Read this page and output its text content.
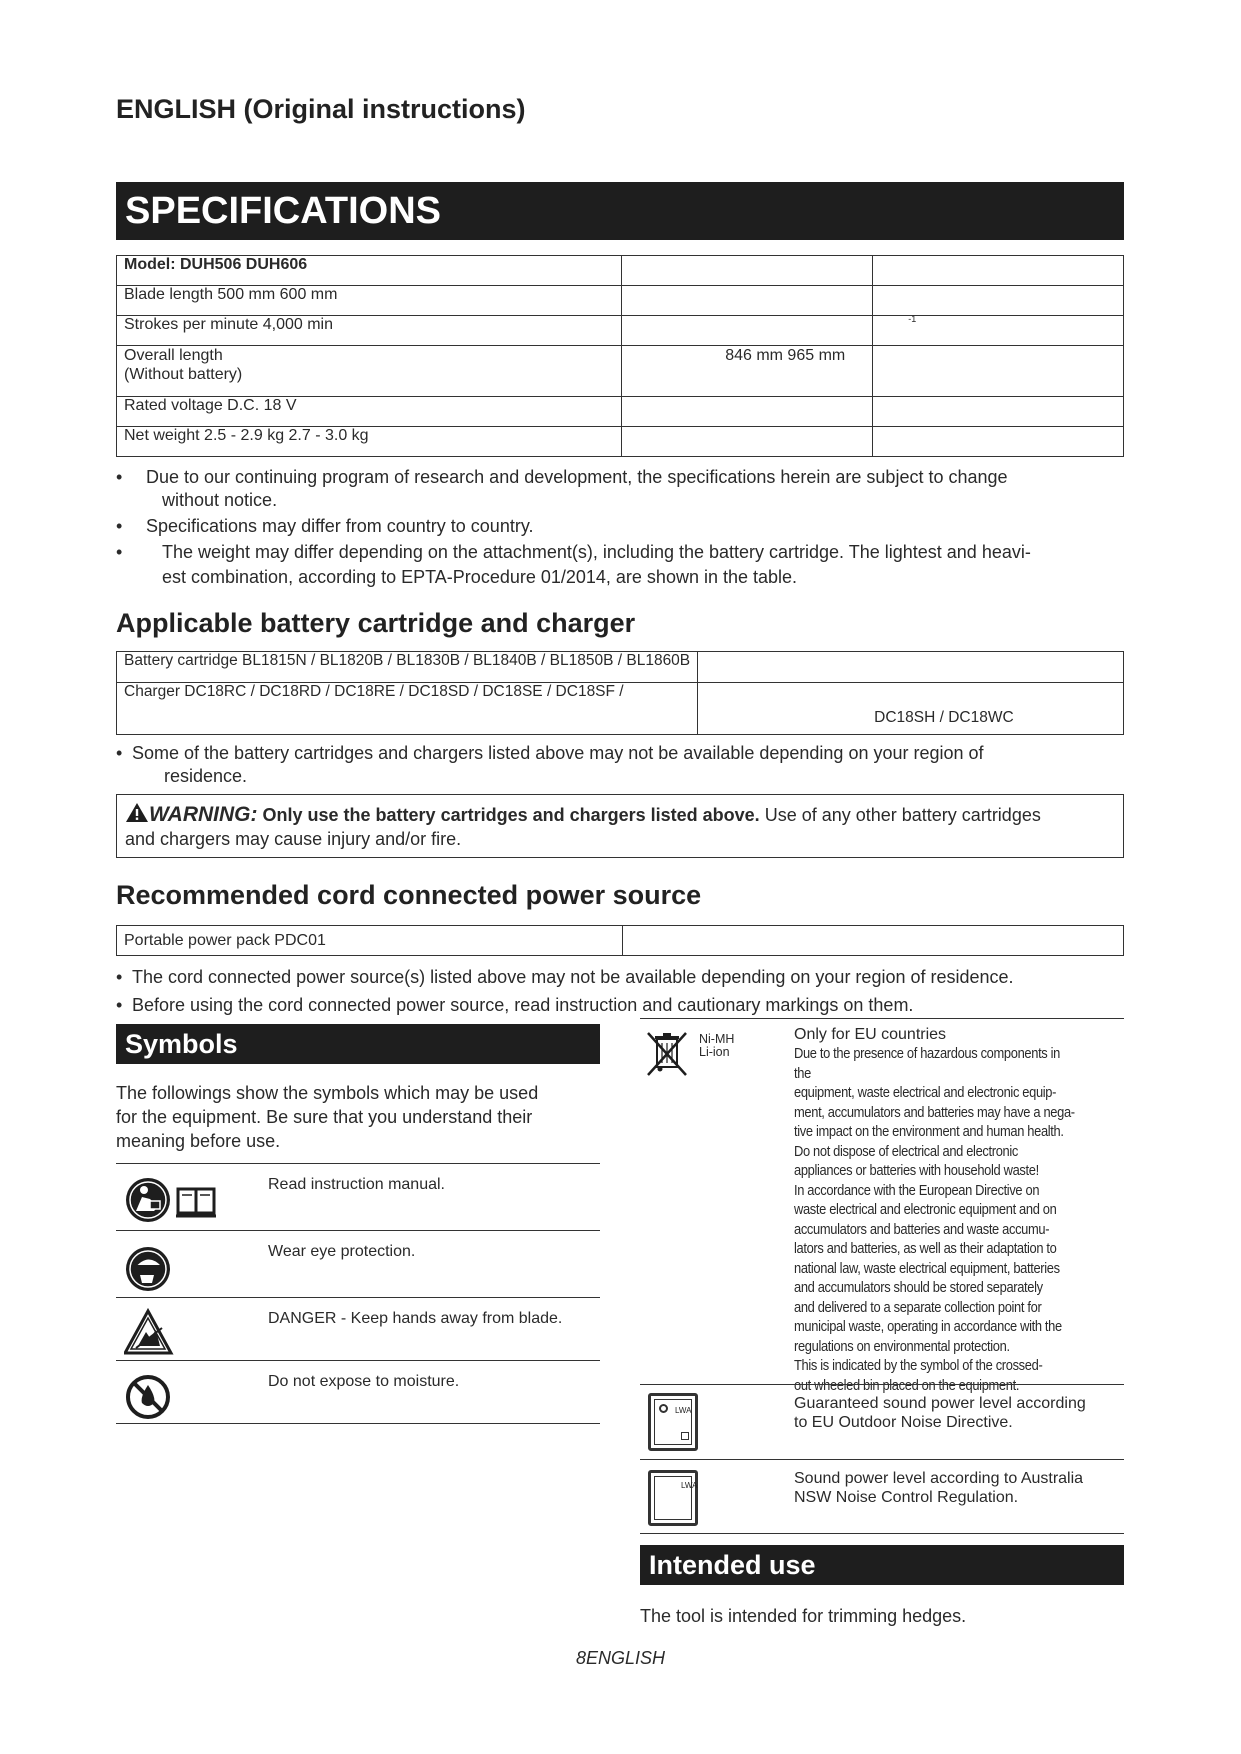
ENGLISH (Original instructions)
SPECIFICATIONS
Model: DUH506 DUH606		
Blade length 500 mm 600 mm		
Strokes per minute 4,000 min		-1

Overall length
(Without battery)	846 mm 965 mm	
Rated voltage D.C. 18 V		
Net weight 2.5 - 2.9 kg 2.7 - 3.0 kg		
• Due to our continuing program of research and development, the specifications herein are subject to change
without notice.
• Specifications may differ from country to country.
• The weight may differ depending on the attachment(s), including the battery cartridge. The lightest and heavi-
est combination, according to EPTA-Procedure 01/2014, are shown in the table.
Applicable battery cartridge and charger
Battery cartridge BL1815N / BL1820B / BL1830B / BL1840B / BL1850B / BL1860B	
Charger DC18RC / DC18RD / DC18RE / DC18SD / DC18SE / DC18SF /	DC18SH / DC18WC
• Some of the battery cartridges and chargers listed above may not be available depending on your region of
residence.
WARNING: Only use the battery cartridges and chargers listed above. Use of any other battery cartridges
and chargers may cause injury and/or fire.
Recommended cord connected power source
Portable power pack PDC01	
• The cord connected power source(s) listed above may not be available depending on your region of residence.
• Before using the cord connected power source, read instruction and cautionary markings on them.
Symbols
The followings show the symbols which may be used
for the equipment. Be sure that you understand their
meaning before use.
Read instruction manual.
Wear eye protection.
DANGER - Keep hands away from blade.
Do not expose to moisture.
Ni-MH
Li-ion
Only for EU countries
Due to the presence of hazardous components in the
equipment, waste electrical and electronic equip-
ment, accumulators and batteries may have a nega-
tive impact on the environment and human health.
Do not dispose of electrical and electronic
appliances or batteries with household waste!
In accordance with the European Directive on
waste electrical and electronic equipment and on
accumulators and batteries and waste accumu-
lators and batteries, as well as their adaptation to
national law, waste electrical equipment, batteries
and accumulators should be stored separately
and delivered to a separate collection point for
municipal waste, operating in accordance with the
regulations on environmental protection.
This is indicated by the symbol of the crossed-
out wheeled bin placed on the equipment.
LWA	Guaranteed sound power level according
to EU Outdoor Noise Directive.
LWA	Sound power level according to Australia
NSW Noise Control Regulation.
Intended use
The tool is intended for trimming hedges.
8ENGLISH
